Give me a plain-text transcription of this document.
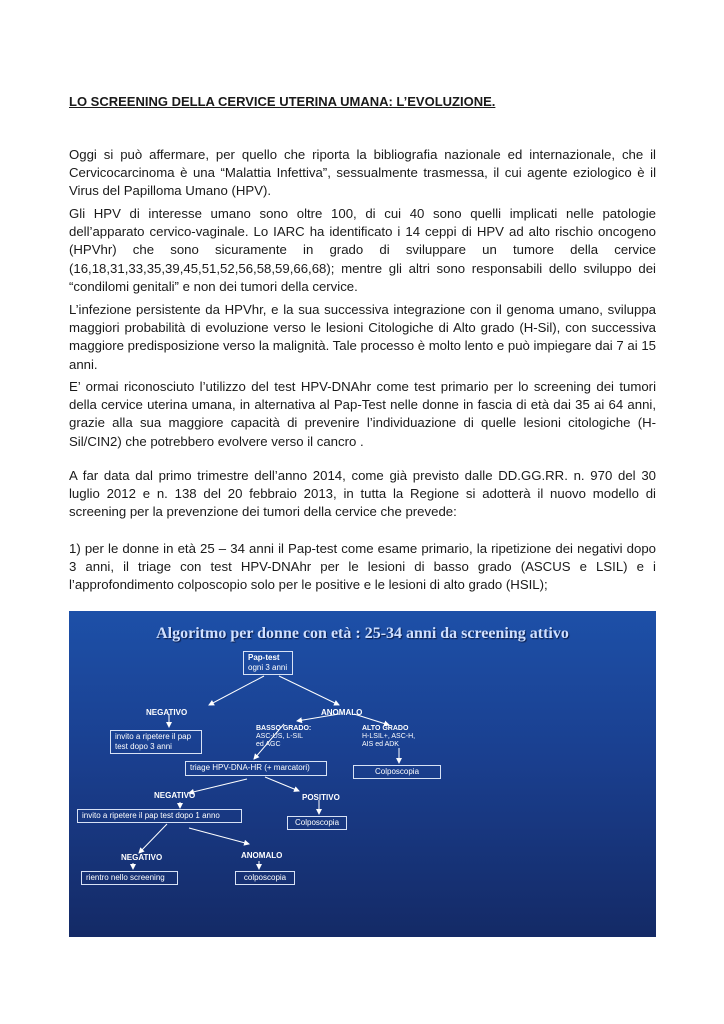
LO SCREENING DELLA CERVICE UTERINA UMANA: L’EVOLUZIONE.

Oggi si può affermare, per quello che riporta la bibliografia nazionale ed internazionale, che il Cervicocarcinoma è una “Malattia Infettiva”, sessualmente trasmessa, il cui agente eziologico è il Virus del Papilloma Umano (HPV).

Gli HPV di interesse umano sono oltre 100, di cui 40 sono quelli implicati nelle patologie dell’apparato cervico-vaginale. Lo IARC ha identificato i 14 ceppi di HPV ad alto rischio oncogeno (HPVhr) che sono sicuramente in grado di sviluppare un tumore della cervice (16,18,31,33,35,39,45,51,52,56,58,59,66,68); mentre gli altri sono responsabili dello sviluppo dei “condilomi genitali” e non dei tumori della cervice.

L’infezione persistente da HPVhr, e la sua successiva integrazione con il genoma umano, sviluppa maggiori probabilità di evoluzione verso le lesioni Citologiche di Alto grado (H-Sil), con successiva maggiore predisposizione verso la malignità. Tale processo è molto lento e può impiegare dai 7 ai 15 anni.

E’ ormai riconosciuto l’utilizzo del test HPV-DNAhr come test primario per lo screening dei tumori della cervice uterina umana, in alternativa al Pap-Test nelle donne in fascia di età dai 35 ai 64 anni, grazie alla sua maggiore capacità di prevenire l’individuazione di quelle lesioni citologiche (H-Sil/CIN2) che potrebbero evolvere verso il cancro .

A far data dal primo trimestre dell’anno 2014, come già previsto dalle DD.GG.RR. n. 970 del 30 luglio 2012 e n. 138 del 20 febbraio 2013, in tutta la Regione si adotterà il nuovo modello di screening per la prevenzione dei tumori della cervice che prevede:

1) per le donne in età 25 – 34 anni il Pap-test come esame primario, la ripetizione dei negativi dopo 3 anni, il triage con test HPV-DNAhr per le lesioni di basso grado (ASCUS e LSIL) e i l’approfondimento colposcopio solo per le positive e le lesioni di alto grado (HSIL);

Algoritmo per donne con età : 25-34 anni da screening attivo
Pap-test
ogni 3 anni
NEGATIVO	ANOMALO
invito a ripetere il pap
test dopo 3 anni
BASSO GRADO:
ASC-US, L-SIL
ed AGC
ALTO GRADO
H-LSIL+, ASC-H,
AIS ed ADK
triage HPV-DNA-HR (+ marcatori)	Colposcopia
NEGATIVO	POSITIVO
invito a ripetere il pap test dopo 1 anno
Colposcopia
NEGATIVO	ANOMALO
rientro nello screening	colposcopia
